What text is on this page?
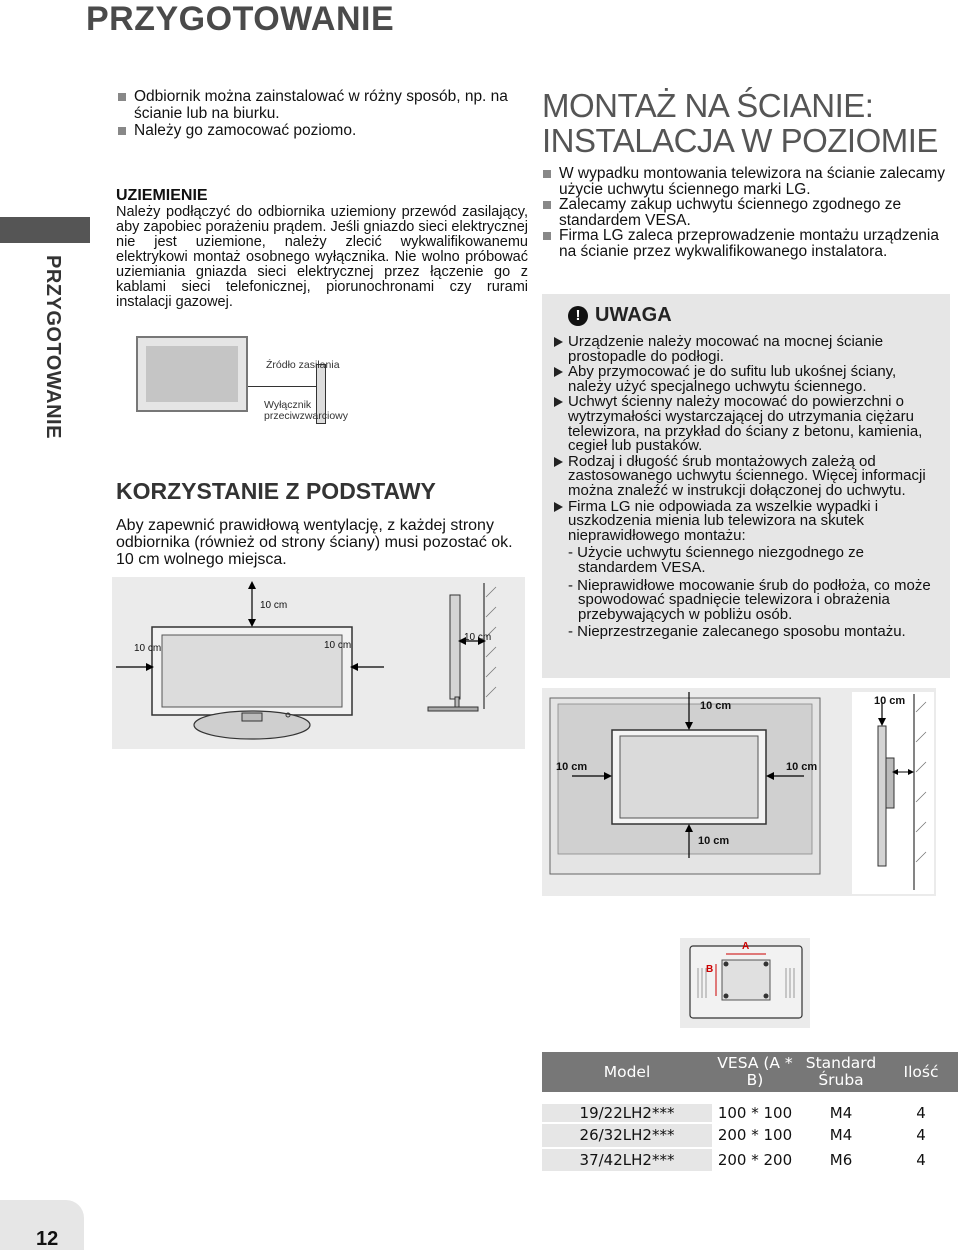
PRZYGOTOWANIE
PRZYGOTOWANIE
12
Odbiornik można zainstalować w różny sposób, np. na ścianie lub na biurku.
Należy go zamocować poziomo.
UZIEMIENIE

Należy podłączyć do odbiornika uziemiony przewód zasilający, aby zapobiec porażeniu prądem. Jeśli gniazdo sieci elektrycznej nie jest uziemione, należy zlecić wykwalifikowanemu elektrykowi montaż osobnego wyłącznika. Nie wolno próbować uziemiania gniazda sieci elektrycznej przez łączenie go z kablami sieci telefonicznej, piorunochronami czy rurami instalacji gazowej.

Źródło zasilania
Wyłącznik przeciwzwarciowy
KORZYSTANIE Z PODSTAWY

Aby zapewnić prawidłową wentylację, z każdej strony odbiornika (również od strony ściany) musi pozostać ok. 10 cm wolnego miejsca.

10 cm
10 cm	10 cm
10 cm
MONTAŻ NA ŚCIANIE: INSTALACJA W POZIOMIE
W wypadku montowania telewizora na ścianie zalecamy użycie uchwytu ściennego marki LG.
Zalecamy zakup uchwytu ściennego zgodnego ze standardem VESA.
Firma LG zaleca przeprowadzenie montażu urządzenia na ścianie przez wykwalifikowanego instalatora.
! UWAGA
Urządzenie należy mocować na mocnej ścianie prostopadle do podłogi.
Aby przymocować je do sufitu lub ukośnej ściany, należy użyć specjalnego uchwytu ściennego.
Uchwyt ścienny należy mocować do powierzchni o wytrzymałości wystarczającej do utrzymania ciężaru telewizora, na przykład do ściany z betonu, kamienia, cegieł lub pustaków.
Rodzaj i długość śrub montażowych zależą od zastosowanego uchwytu ściennego. Więcej informacji można znaleźć w instrukcji dołączonej do uchwytu.
Firma LG nie odpowiada za wszelkie wypadki i uszkodzenia mienia lub telewizora na skutek nieprawidłowego montażu:
- Użycie uchwytu ściennego niezgodnego ze standardem VESA.
- Nieprawidłowe mocowanie śrub do podłoża, co może spowodować spadnięcie telewizora i obrażenia przebywających w pobliżu osób.
- Nieprzestrzeganie zalecanego sposobu montażu.
10 cm
10 cm	10 cm
10 cm
10 cm
A
B
Model	VESA (A * B)	Standard Śruba	Ilość
19/22LH2***	100 * 100	M4	4
26/32LH2***	200 * 100	M4	4
37/42LH2***	200 * 200	M6	4
